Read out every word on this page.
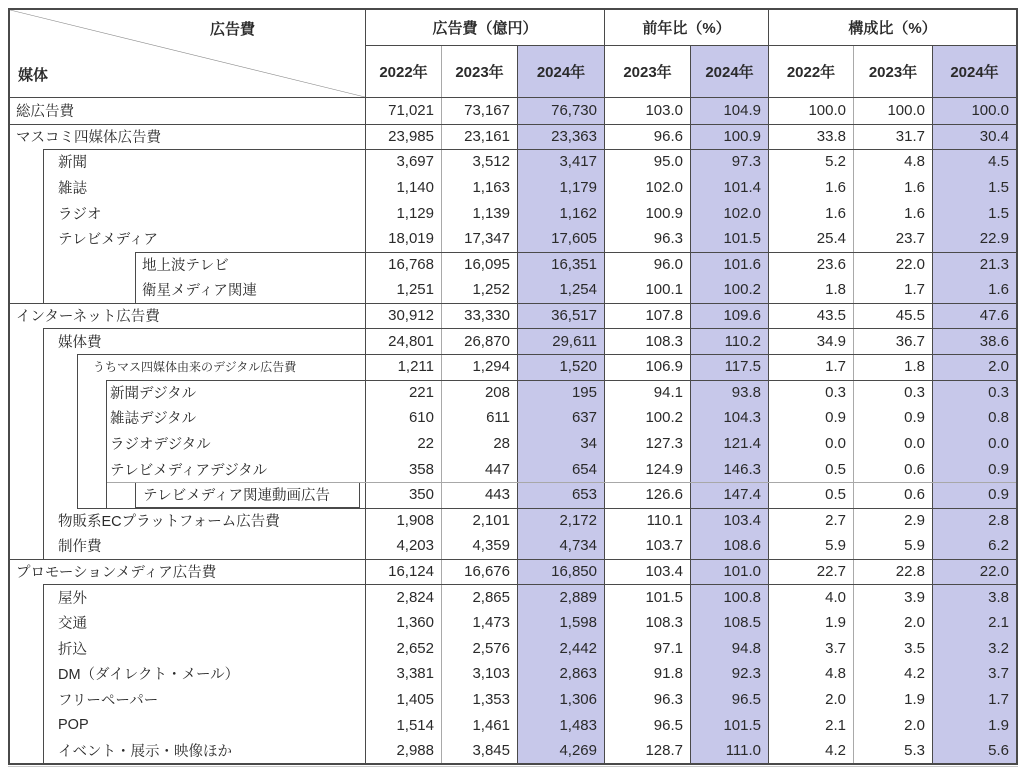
広告費
媒体
広告費（億円）	前年比（%）	構成比（%）
2022年	2023年	2024年	2023年	2024年	2022年	2023年	2024年
総広告費	71,021	73,167	76,730	103.0	104.9	100.0	100.0	100.0
マスコミ四媒体広告費	23,985	23,161	23,363	96.6	100.9	33.8	31.7	30.4
新聞	3,697	3,512	3,417	95.0	97.3	5.2	4.8	4.5
雑誌	1,140	1,163	1,179	102.0	101.4	1.6	1.6	1.5
ラジオ	1,129	1,139	1,162	100.9	102.0	1.6	1.6	1.5
テレビメディア	18,019	17,347	17,605	96.3	101.5	25.4	23.7	22.9
地上波テレビ	16,768	16,095	16,351	96.0	101.6	23.6	22.0	21.3
衛星メディア関連	1,251	1,252	1,254	100.1	100.2	1.8	1.7	1.6
インターネット広告費	30,912	33,330	36,517	107.8	109.6	43.5	45.5	47.6
媒体費	24,801	26,870	29,611	108.3	110.2	34.9	36.7	38.6
うちマス四媒体由来のデジタル広告費	1,211	1,294	1,520	106.9	117.5	1.7	1.8	2.0
新聞デジタル	221	208	195	94.1	93.8	0.3	0.3	0.3
雑誌デジタル	610	611	637	100.2	104.3	0.9	0.9	0.8
ラジオデジタル	22	28	34	127.3	121.4	0.0	0.0	0.0
テレビメディアデジタル	358	447	654	124.9	146.3	0.5	0.6	0.9
テレビメディア関連動画広告	350	443	653	126.6	147.4	0.5	0.6	0.9
物販系ECプラットフォーム広告費	1,908	2,101	2,172	110.1	103.4	2.7	2.9	2.8
制作費	4,203	4,359	4,734	103.7	108.6	5.9	5.9	6.2
プロモーションメディア広告費	16,124	16,676	16,850	103.4	101.0	22.7	22.8	22.0
屋外	2,824	2,865	2,889	101.5	100.8	4.0	3.9	3.8
交通	1,360	1,473	1,598	108.3	108.5	1.9	2.0	2.1
折込	2,652	2,576	2,442	97.1	94.8	3.7	3.5	3.2
DM（ダイレクト・メール）	3,381	3,103	2,863	91.8	92.3	4.8	4.2	3.7
フリーペーパー	1,405	1,353	1,306	96.3	96.5	2.0	1.9	1.7
POP	1,514	1,461	1,483	96.5	101.5	2.1	2.0	1.9
イベント・展示・映像ほか	2,988	3,845	4,269	128.7	111.0	4.2	5.3	5.6
